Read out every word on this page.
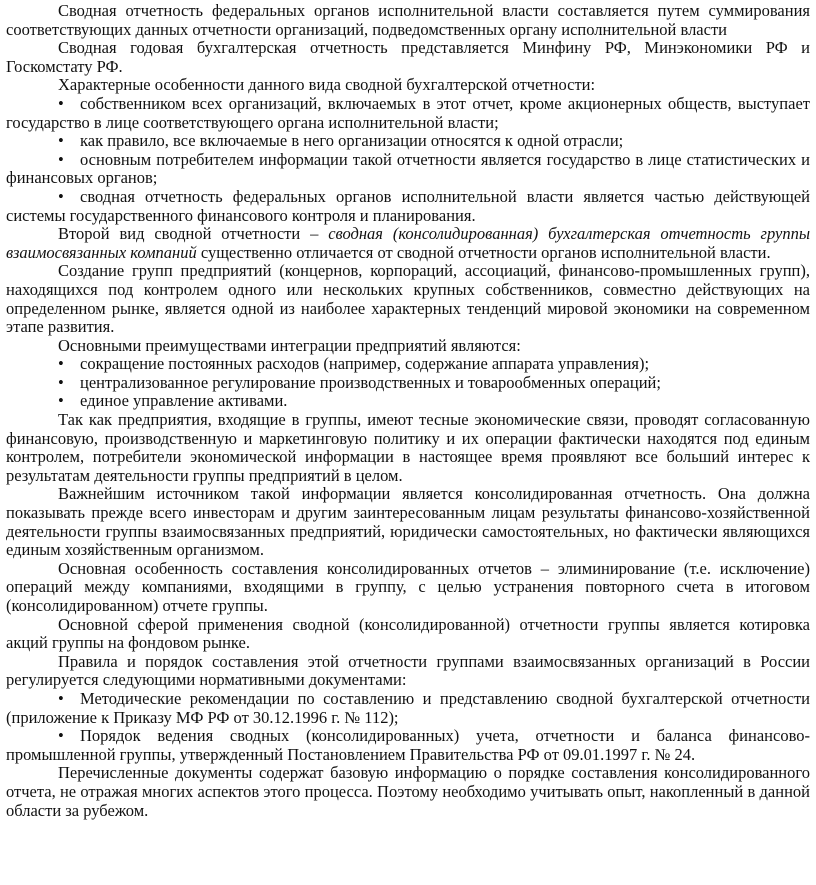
Сводная отчетность федеральных органов исполнительной власти составляется путем суммирования соответствующих данных отчетности организаций, подведомственных органу исполнительной власти

Сводная годовая бухгалтерская отчетность представляется Минфину РФ, Минэкономики РФ и Госкомстату РФ.

Характерные особенности данного вида сводной бухгалтерской отчетности:

• собственником всех организаций, включаемых в этот отчет, кроме акционерных обществ, выступает государство в лице соответствующего органа исполнительной власти;

• как правило, все включаемые в него организации относятся к одной отрасли;

• основным потребителем информации такой отчетности является государство в лице статистических и финансовых органов;

• сводная отчетность федеральных органов исполнительной власти является частью действующей системы государственного финансового контроля и планирования.

Второй вид сводной отчетности – сводная (консолидированная) бухгалтерская отчетность группы взаимосвязанных компаний существенно отличается от сводной отчетности органов исполнительной власти.

Создание групп предприятий (концернов, корпораций, ассоциаций, финансово-промышленных групп), находящихся под контролем одного или нескольких крупных собственников, совместно действующих на определенном рынке, является одной из наиболее характерных тенденций мировой экономики на современном этапе развития.

Основными преимуществами интеграции предприятий являются:

• сокращение постоянных расходов (например, содержание аппарата управления);

• централизованное регулирование производственных и товарообменных операций;

• единое управление активами.

Так как предприятия, входящие в группы, имеют тесные экономические связи, проводят согласованную финансовую, производственную и маркетинговую политику и их операции фактически находятся под единым контролем, потребители экономической информации в настоящее время проявляют все больший интерес к результатам деятельности группы предприятий в целом.

Важнейшим источником такой информации является консолидированная отчетность. Она должна показывать прежде всего инвесторам и другим заинтересованным лицам результаты финансово-хозяйственной деятельности группы взаимосвязанных предприятий, юридически самостоятельных, но фактически являющихся единым хозяйственным организмом.

Основная особенность составления консолидированных отчетов – элиминирование (т.е. исключение) операций между компаниями, входящими в группу, с целью устранения повторного счета в итоговом (консолидированном) отчете группы.

Основной сферой применения сводной (консолидированной) отчетности группы является котировка акций группы на фондовом рынке.

Правила и порядок составления этой отчетности группами взаимосвязанных организаций в России регулируется следующими нормативными документами:

• Методические рекомендации по составлению и представлению сводной бухгалтерской отчетности (приложение к Приказу МФ РФ от 30.12.1996 г. № 112);

• Порядок ведения сводных (консолидированных) учета, отчетности и баланса финансово-промышленной группы, утвержденный Постановлением Правительства РФ от 09.01.1997 г. № 24.

Перечисленные документы содержат базовую информацию о порядке составления консолидированного отчета, не отражая многих аспектов этого процесса. Поэтому необходимо учитывать опыт, накопленный в данной области за рубежом.
